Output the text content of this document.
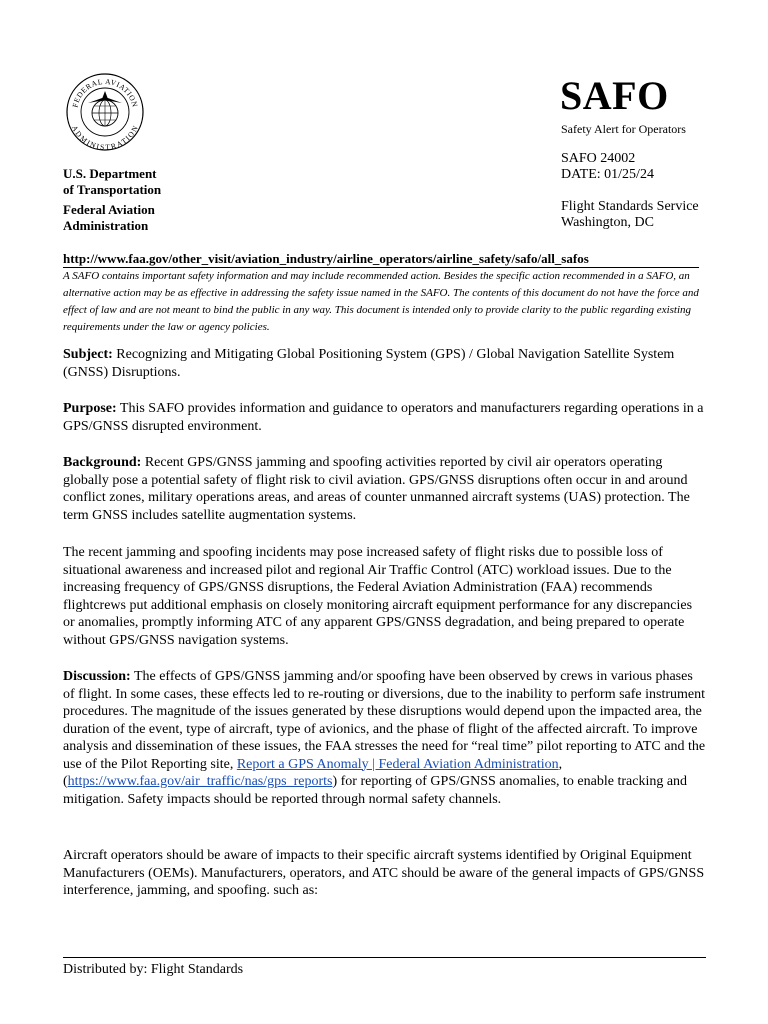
FEDERAL AVIATION
ADMINISTRATION
U.S. Department
of Transportation
Federal Aviation
Administration
SAFO
Safety Alert for Operators
SAFO 24002
DATE: 01/25/24
Flight Standards Service
Washington, DC
http://www.faa.gov/other_visit/aviation_industry/airline_operators/airline_safety/safo/all_safos
A SAFO contains important safety information and may include recommended action. Besides the specific action recommended in a SAFO, an alternative action may be as effective in addressing the safety issue named in the SAFO. The contents of this document do not have the force and effect of law and are not meant to bind the public in any way. This document is intended only to provide clarity to the public regarding existing requirements under the law or agency policies.
Subject: Recognizing and Mitigating Global Positioning System (GPS) / Global Navigation Satellite System (GNSS) Disruptions.
Purpose: This SAFO provides information and guidance to operators and manufacturers regarding operations in a GPS/GNSS disrupted environment.
Background: Recent GPS/GNSS jamming and spoofing activities reported by civil air operators operating globally pose a potential safety of flight risk to civil aviation. GPS/GNSS disruptions often occur in and around conflict zones, military operations areas, and areas of counter unmanned aircraft systems (UAS) protection. The term GNSS includes satellite augmentation systems.
The recent jamming and spoofing incidents may pose increased safety of flight risks due to possible loss of situational awareness and increased pilot and regional Air Traffic Control (ATC) workload issues. Due to the increasing frequency of GPS/GNSS disruptions, the Federal Aviation Administration (FAA) recommends flightcrews put additional emphasis on closely monitoring aircraft equipment performance for any discrepancies or anomalies, promptly informing ATC of any apparent GPS/GNSS degradation, and being prepared to operate without GPS/GNSS navigation systems.
Discussion: The effects of GPS/GNSS jamming and/or spoofing have been observed by crews in various phases of flight. In some cases, these effects led to re-routing or diversions, due to the inability to perform safe instrument procedures. The magnitude of the issues generated by these disruptions would depend upon the impacted area, the duration of the event, type of aircraft, type of avionics, and the phase of flight of the affected aircraft. To improve analysis and dissemination of these issues, the FAA stresses the need for “real time” pilot reporting to ATC and the use of the Pilot Reporting site, Report a GPS Anomaly | Federal Aviation Administration, (https://www.faa.gov/air_traffic/nas/gps_reports) for reporting of GPS/GNSS anomalies, to enable tracking and mitigation. Safety impacts should be reported through normal safety channels.
Aircraft operators should be aware of impacts to their specific aircraft systems identified by Original Equipment Manufacturers (OEMs). Manufacturers, operators, and ATC should be aware of the general impacts of GPS/GNSS interference, jamming, and spoofing. such as:
Distributed by: Flight Standards
